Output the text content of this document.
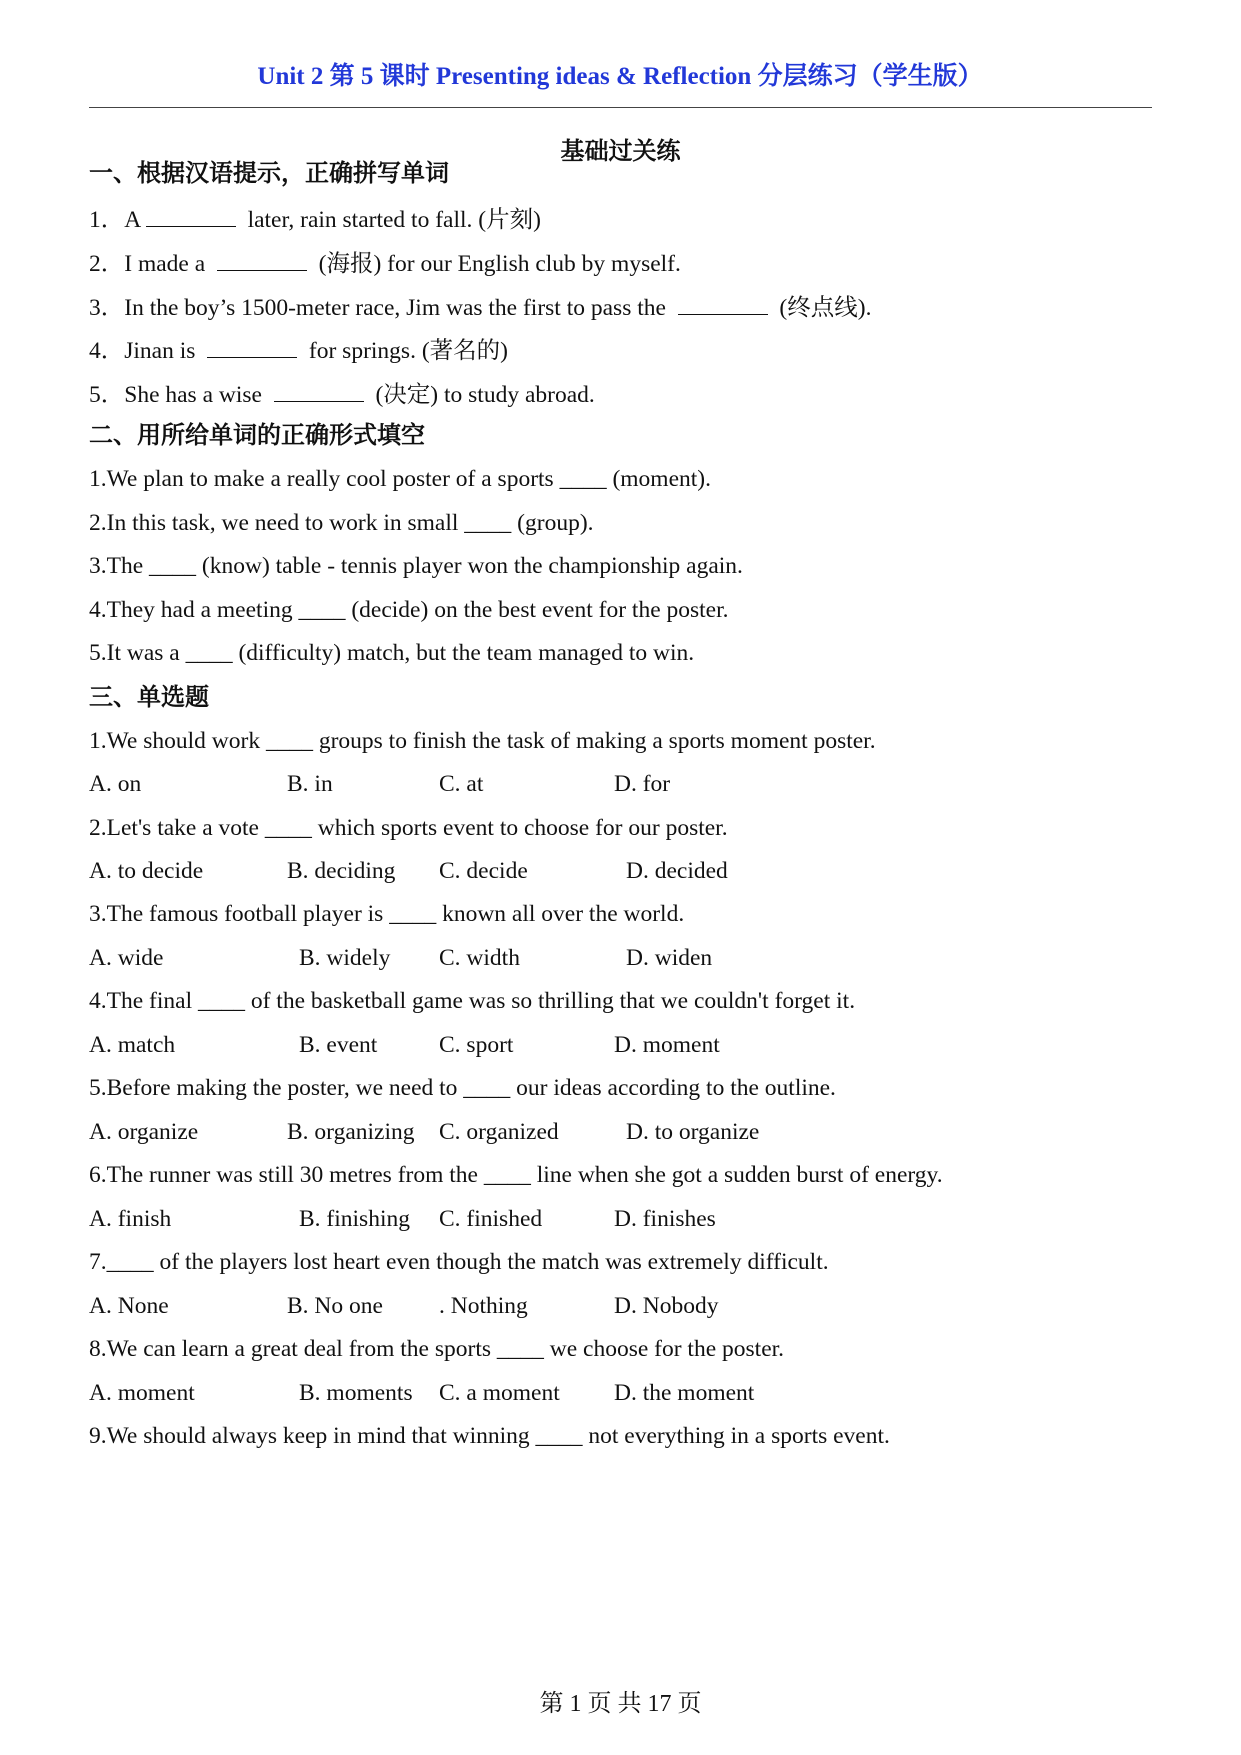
Unit 2 第 5 课时 Presenting ideas & Reflection 分层练习（学生版）
基础过关练
一、根据汉语提示，正确拼写单词
1．A	later, rain started to fall. (片刻)
2．I made a	(海报) for our English club by myself.
3．In the boy’s 1500-meter race, Jim was the first to pass the	(终点线).
4．Jinan is	for springs. (著名的)
5．She has a wise	(决定) to study abroad.
二、用所给单词的正确形式填空
1.We plan to make a really cool poster of a sports ____ (moment).
2.In this task, we need to work in small ____ (group).
3.The ____ (know) table - tennis player won the championship again.
4.They had a meeting ____ (decide) on the best event for the poster.
5.It was a ____ (difficulty) match, but the team managed to win.
三、单选题
1.We should work ____ groups to finish the task of making a sports moment poster.
A. on	B. in	C. at	D. for
2.Let's take a vote ____ which sports event to choose for our poster.
A. to decide	B. deciding C. decide	D. decided
3.The famous football player is ____ known all over the world.
A. wide	B. widely C. width	D. widen
4.The final ____ of the basketball game was so thrilling that we couldn't forget it.
A. match	B. event	C. sport	D. moment
5.Before making the poster, we need to ____ our ideas according to the outline.
A. organize	B. organizing C. organized	D. to organize
6.The runner was still 30 metres from the ____ line when she got a sudden burst of energy.
A. finish	B. finishing C. finished	D. finishes
7.____ of the players lost heart even though the match was extremely difficult.
A. None	B. No one . Nothing	D. Nobody
8.We can learn a great deal from the sports ____ we choose for the poster.
A. moment	B. moments C. a moment D. the moment
9.We should always keep in mind that winning ____ not everything in a sports event.
第 1 页 共 17 页
